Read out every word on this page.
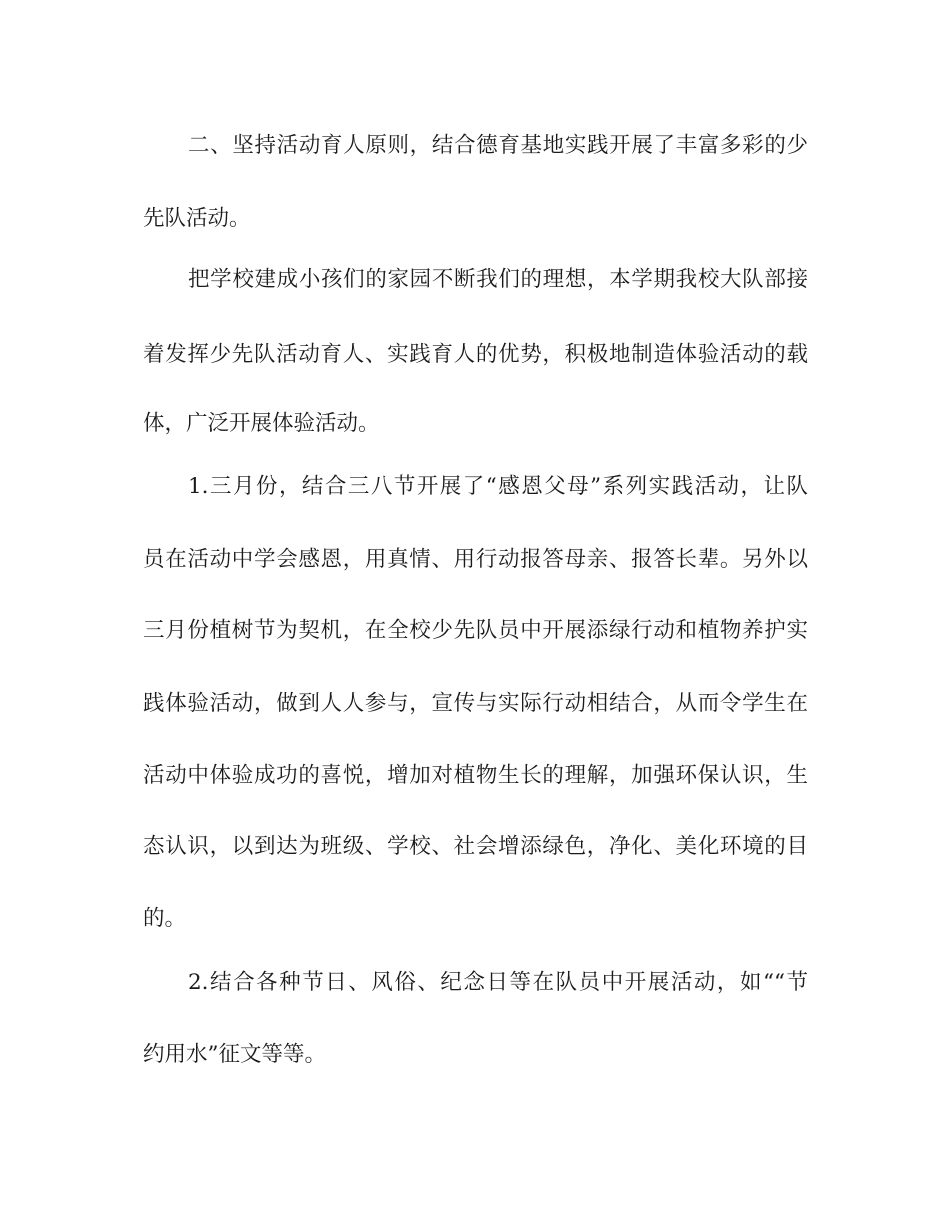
二、坚持活动育人原则，结合德育基地实践开展了丰富多彩的少
先队活动。
把学校建成小孩们的家园不断我们的理想，本学期我校大队部接
着发挥少先队活动育人、实践育人的优势，积极地制造体验活动的载
体，广泛开展体验活动。
1.三月份，结合三八节开展了“感恩父母”系列实践活动，让队
员在活动中学会感恩，用真情、用行动报答母亲、报答长辈。另外以
三月份植树节为契机，在全校少先队员中开展添绿行动和植物养护实
践体验活动，做到人人参与，宣传与实际行动相结合，从而令学生在
活动中体验成功的喜悦，增加对植物生长的理解，加强环保认识，生
态认识，以到达为班级、学校、社会增添绿色，净化、美化环境的目
的。
2.结合各种节日、风俗、纪念日等在队员中开展活动，如““节
约用水”征文等等。
